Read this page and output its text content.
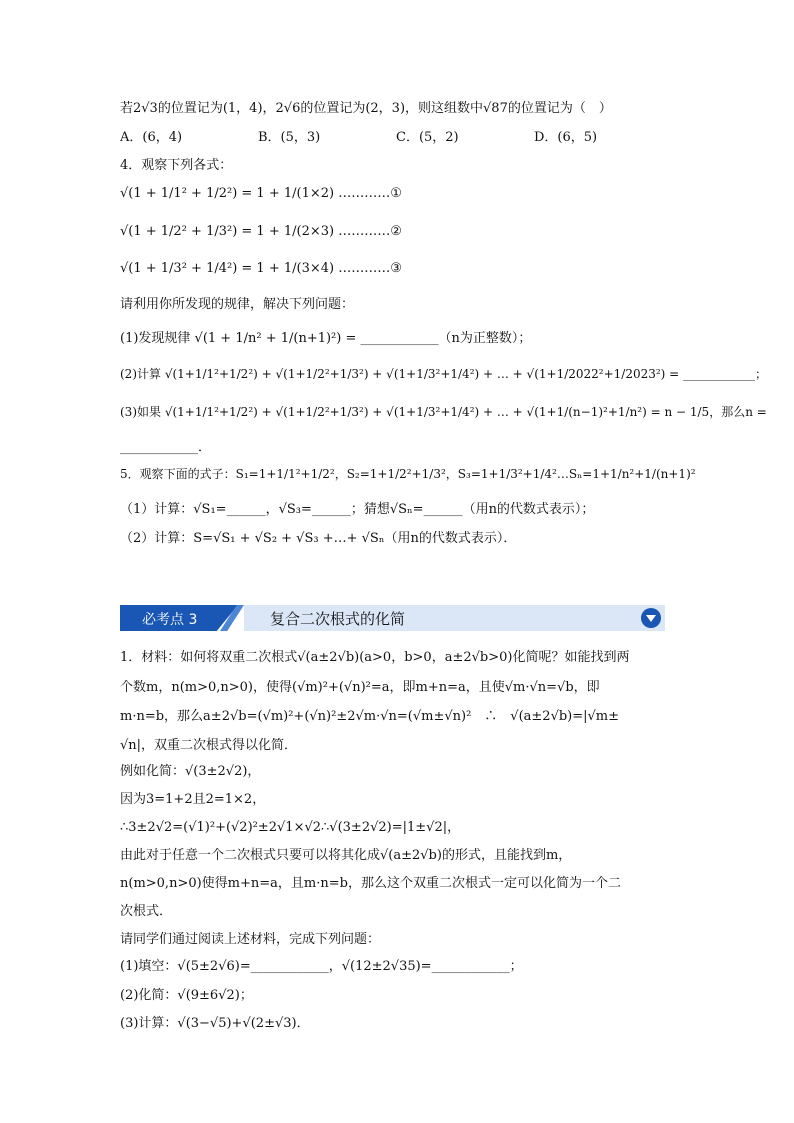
若2√3的位置记为(1，4)，2√6的位置记为(2，3)，则这组数中√87的位置记为（　）
A．(6，4)	B．(5，3)	C．(5，2)	D．(6，5)
4．观察下列各式：
√(1 + 1/1² + 1/2²) = 1 + 1/(1×2) …………①
√(1 + 1/2² + 1/3²) = 1 + 1/(2×3) …………②
√(1 + 1/3² + 1/4²) = 1 + 1/(3×4) …………③
请利用你所发现的规律，解决下列问题：
(1)发现规律 √(1 + 1/n² + 1/(n+1)²) = ____________（n为正整数）；
(2)计算 √(1+1/1²+1/2²) + √(1+1/2²+1/3²) + √(1+1/3²+1/4²) + … + √(1+1/2022²+1/2023²) = ____________；
(3)如果 √(1+1/1²+1/2²) + √(1+1/2²+1/3²) + √(1+1/3²+1/4²) + … + √(1+1/(n−1)²+1/n²) = n − 1/5，那么n =
____________．
5．观察下面的式子：S₁=1+1/1²+1/2²，S₂=1+1/2²+1/3²，S₃=1+1/3²+1/4²…Sₙ=1+1/n²+1/(n+1)²
（1）计算：√S₁=______，√S₃=______；猜想√Sₙ=______（用n的代数式表示）；
（2）计算：S=√S₁ + √S₂ + √S₃ +…+ √Sₙ（用n的代数式表示）．
必考点 3	复合二次根式的化简
1．材料：如何将双重二次根式√(a±2√b)(a>0，b>0，a±2√b>0)化简呢？如能找到两
个数m，n(m>0,n>0)，使得(√m)²+(√n)²=a，即m+n=a，且使√m·√n=√b，即
m·n=b，那么a±2√b=(√m)²+(√n)²±2√m·√n=(√m±√n)²　∴　√(a±2√b)=|√m±
√n|，双重二次根式得以化简．
例如化简：√(3±2√2)，
因为3=1+2且2=1×2，
∴3±2√2=(√1)²+(√2)²±2√1×√2∴√(3±2√2)=|1±√2|，
由此对于任意一个二次根式只要可以将其化成√(a±2√b)的形式，且能找到m，
n(m>0,n>0)使得m+n=a，且m·n=b，那么这个双重二次根式一定可以化简为一个二
次根式．
请同学们通过阅读上述材料，完成下列问题：
(1)填空：√(5±2√6)=____________，√(12±2√35)=____________；
(2)化简：√(9±6√2)；
(3)计算：√(3−√5)+√(2±√3)．
